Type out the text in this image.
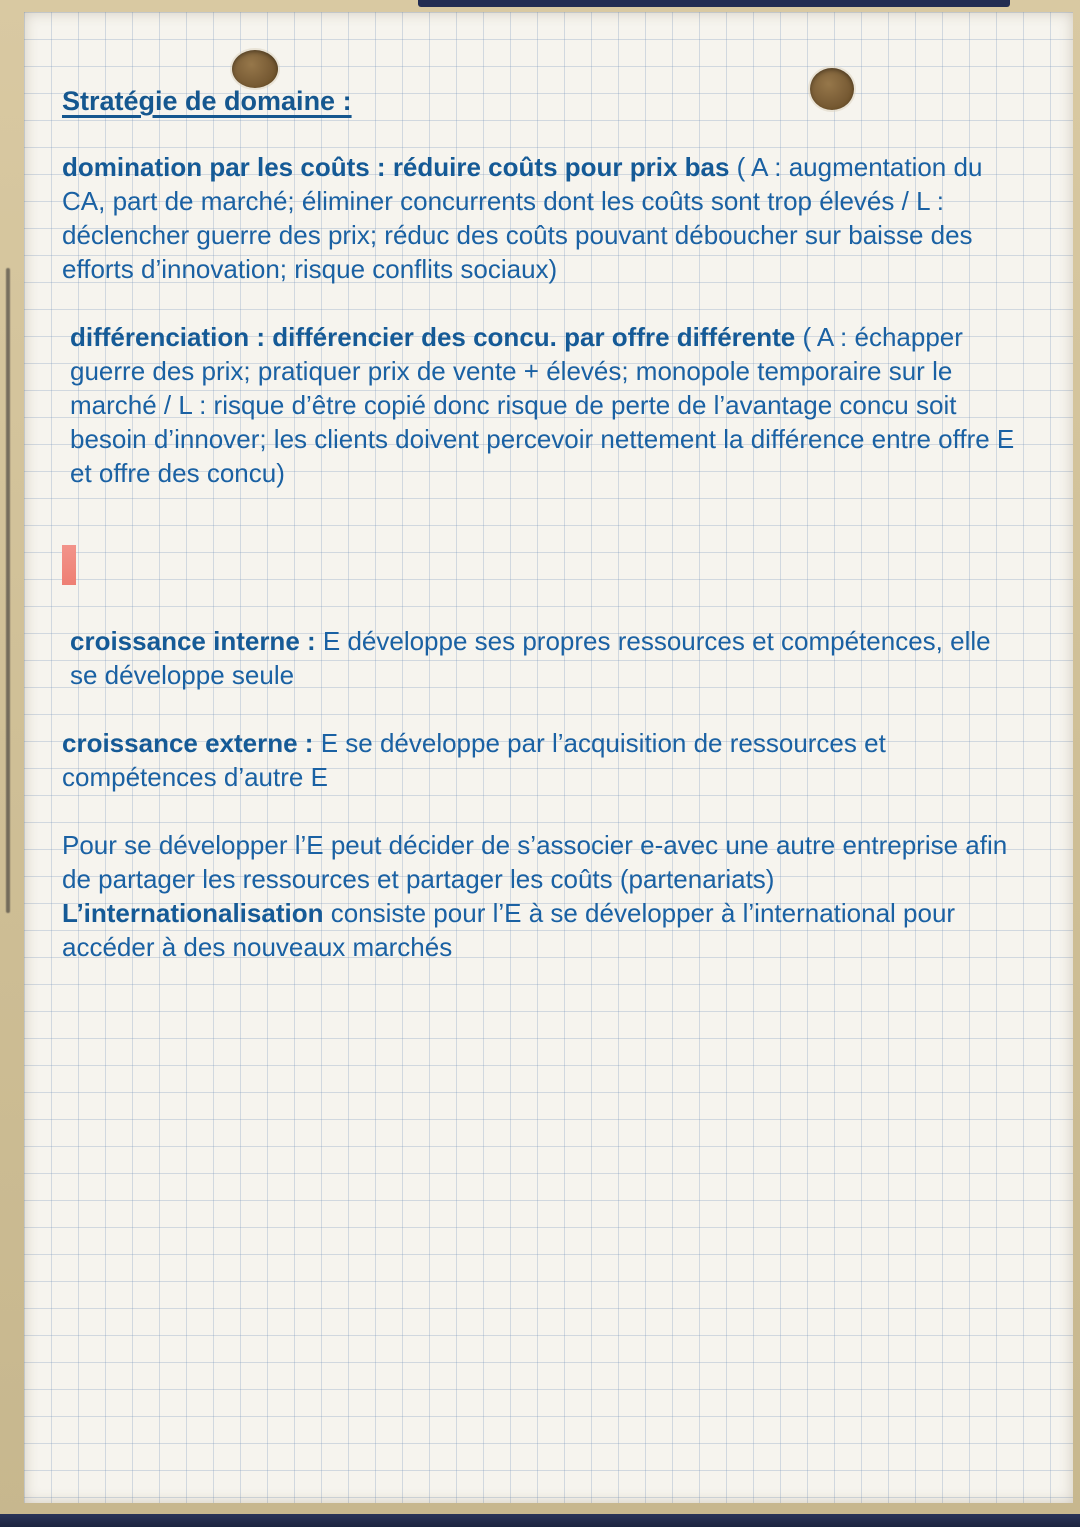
Stratégie de domaine :

domination par les coûts : réduire coûts pour prix bas ( A : augmentation du CA, part de marché; éliminer concurrents dont les coûts sont trop élevés / L : déclencher guerre des prix; réduc des coûts pouvant déboucher sur baisse des efforts d’innovation; risque conflits sociaux)

différenciation : différencier des concu. par offre différente ( A : échapper guerre des prix; pratiquer prix de vente + élevés; monopole temporaire sur le marché / L : risque d’être copié donc risque de perte de l’avantage concu soit besoin d’innover; les clients doivent percevoir nettement la différence entre offre E et offre des concu)

croissance interne : E développe ses propres ressources et compétences, elle se développe seule

croissance externe : E se développe par l’acquisition de ressources et compétences d’autre E

Pour se développer l’E peut décider de s’associer e-avec une autre entreprise afin de partager les ressources et partager les coûts (partenariats)
L’internationalisation consiste pour l’E à se développer à l’international pour accéder à des nouveaux marchés
